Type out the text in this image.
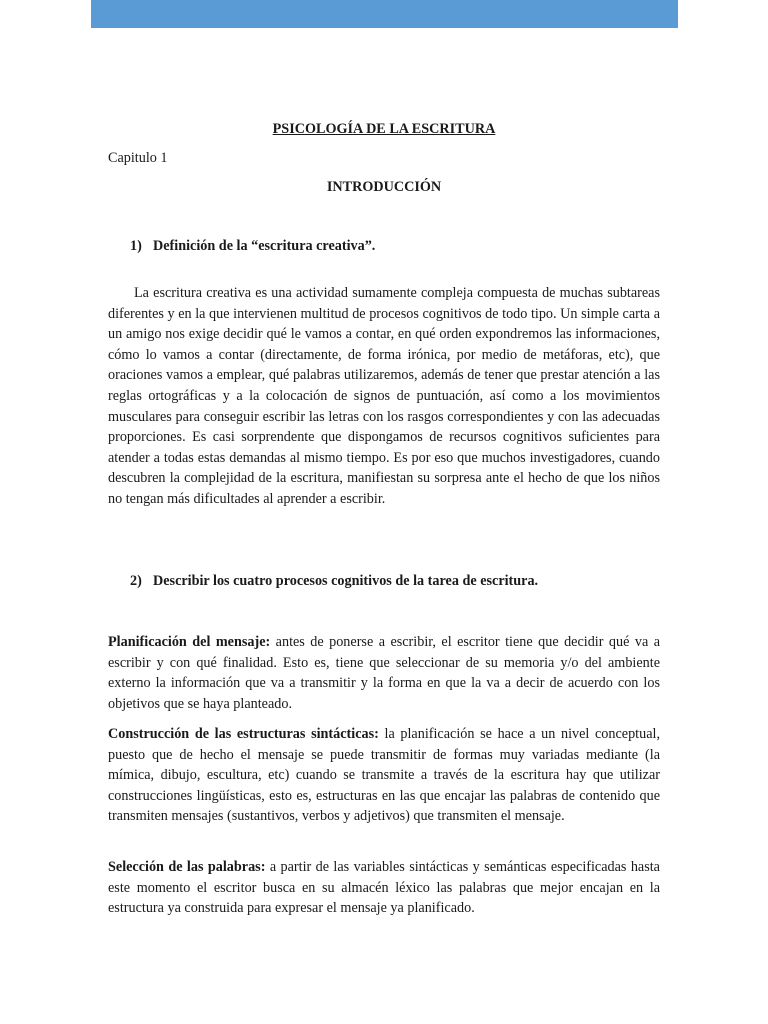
PSICOLOGÍA DE LA ESCRITURA
Capitulo 1
INTRODUCCIÓN
1) Definición de la “escritura creativa”.
La escritura creativa es una actividad sumamente compleja compuesta de muchas subtareas diferentes y en la que intervienen multitud de procesos cognitivos de todo tipo. Un simple carta a un amigo nos exige decidir qué le vamos a contar, en qué orden expondremos las informaciones, cómo lo vamos a contar (directamente, de forma irónica, por medio de metáforas, etc), que oraciones vamos a emplear, qué palabras utilizaremos, además de tener que prestar atención a las reglas ortográficas y a la colocación de signos de puntuación, así como a los movimientos musculares para conseguir escribir las letras con los rasgos correspondientes y con las adecuadas proporciones. Es casi sorprendente que dispongamos de recursos cognitivos suficientes para atender a todas estas demandas al mismo tiempo. Es por eso que muchos investigadores, cuando descubren la complejidad de la escritura, manifiestan su sorpresa ante el hecho de que los niños no tengan más dificultades al aprender a escribir.
2) Describir los cuatro procesos cognitivos de la tarea de escritura.
Planificación del mensaje: antes de ponerse a escribir, el escritor tiene que decidir qué va a escribir y con qué finalidad. Esto es, tiene que seleccionar de su memoria y/o del ambiente externo la información que va a transmitir y la forma en que la va a decir de acuerdo con los objetivos que se haya planteado.
Construcción de las estructuras sintácticas: la planificación se hace a un nivel conceptual, puesto que de hecho el mensaje se puede transmitir de formas muy variadas mediante (la mímica, dibujo, escultura, etc) cuando se transmite a través de la escritura hay que utilizar construcciones lingüísticas, esto es, estructuras en las que encajar las palabras de contenido que transmiten mensajes (sustantivos, verbos y adjetivos) que transmiten el mensaje.
Selección de las palabras: a partir de las variables sintácticas y semánticas especificadas hasta este momento el escritor busca en su almacén léxico las palabras que mejor encajan en la estructura ya construida para expresar el mensaje ya planificado.
